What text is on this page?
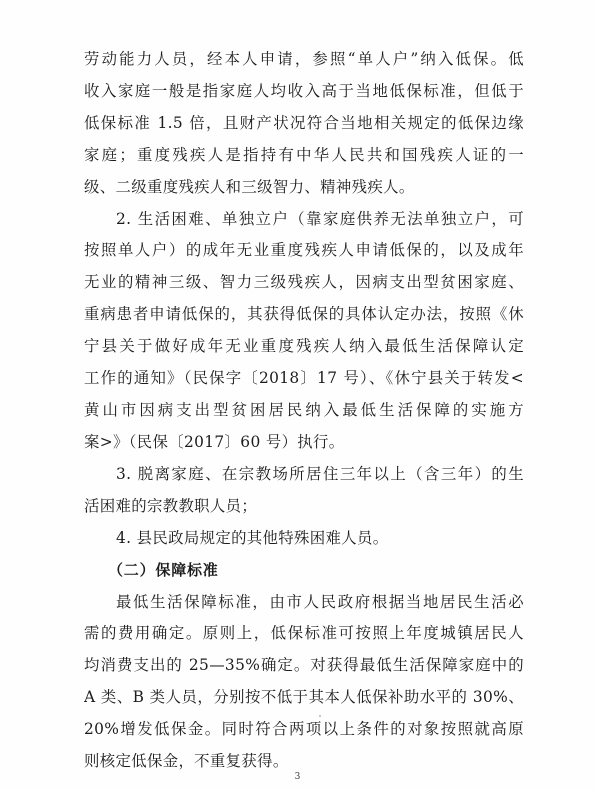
劳动能力人员，经本人申请，参照“单人户”纳入低保。低
收入家庭一般是指家庭人均收入高于当地低保标准，但低于
低保标准 1.5 倍，且财产状况符合当地相关规定的低保边缘
家庭；重度残疾人是指持有中华人民共和国残疾人证的一
级、二级重度残疾人和三级智力、精神残疾人。
2. 生活困难、单独立户（靠家庭供养无法单独立户，可
按照单人户）的成年无业重度残疾人申请低保的，以及成年
无业的精神三级、智力三级残疾人，因病支出型贫困家庭、
重病患者申请低保的，其获得低保的具体认定办法，按照《休
宁县关于做好成年无业重度残疾人纳入最低生活保障认定
工作的通知》（民保字〔2018〕17 号）、《休宁县关于转发<
黄山市因病支出型贫困居民纳入最低生活保障的实施方
案>》（民保〔2017〕60 号）执行。
3. 脱离家庭、在宗教场所居住三年以上（含三年）的生
活困难的宗教教职人员；
4. 县民政局规定的其他特殊困难人员。
（二）保障标准
最低生活保障标准，由市人民政府根据当地居民生活必
需的费用确定。原则上，低保标准可按照上年度城镇居民人
均消费支出的 25—35%确定。对获得最低生活保障家庭中的
A 类、B 类人员，分别按不低于其本人低保补助水平的 30%、
20%增发低保金。同时符合两项以上条件的对象按照就高原
则核定低保金，不重复获得。
3
